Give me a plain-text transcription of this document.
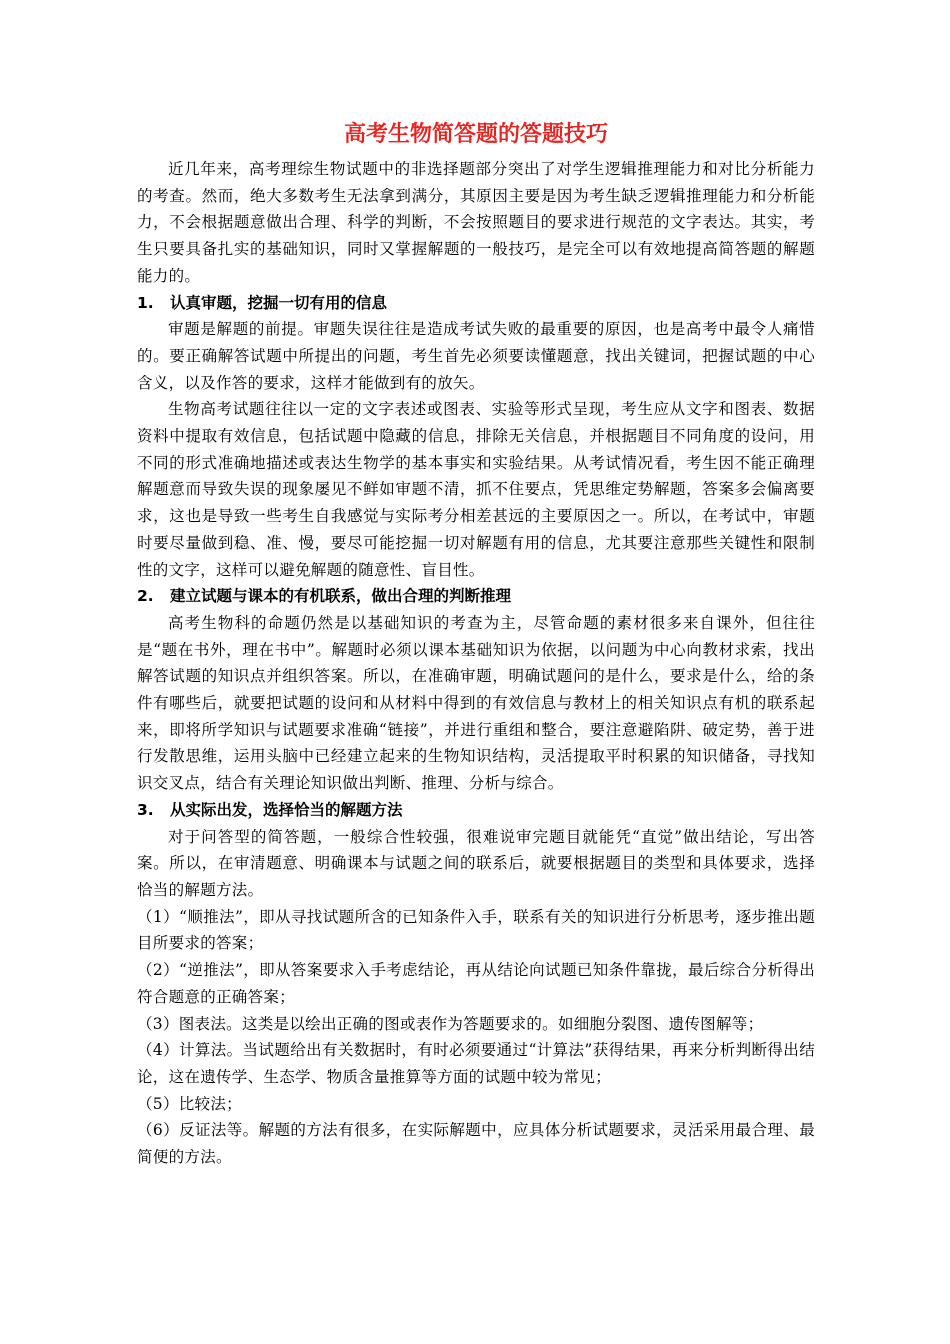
高考生物简答题的答题技巧

近几年来，高考理综生物试题中的非选择题部分突出了对学生逻辑推理能力和对比分析能力的考查。然而，绝大多数考生无法拿到满分，其原因主要是因为考生缺乏逻辑推理能力和分析能力，不会根据题意做出合理、科学的判断，不会按照题目的要求进行规范的文字表达。其实，考生只要具备扎实的基础知识，同时又掌握解题的一般技巧，是完全可以有效地提高简答题的解题能力的。

1. 认真审题，挖掘一切有用的信息

审题是解题的前提。审题失误往往是造成考试失败的最重要的原因，也是高考中最令人痛惜的。要正确解答试题中所提出的问题，考生首先必须要读懂题意，找出关键词，把握试题的中心含义，以及作答的要求，这样才能做到有的放矢。

生物高考试题往往以一定的文字表述或图表、实验等形式呈现，考生应从文字和图表、数据资料中提取有效信息，包括试题中隐藏的信息，排除无关信息，并根据题目不同角度的设问，用不同的形式准确地描述或表达生物学的基本事实和实验结果。从考试情况看，考生因不能正确理解题意而导致失误的现象屡见不鲜如审题不清，抓不住要点，凭思维定势解题，答案多会偏离要求，这也是导致一些考生自我感觉与实际考分相差甚远的主要原因之一。所以，在考试中，审题时要尽量做到稳、准、慢，要尽可能挖掘一切对解题有用的信息，尤其要注意那些关键性和限制性的文字，这样可以避免解题的随意性、盲目性。

2. 建立试题与课本的有机联系，做出合理的判断推理

高考生物科的命题仍然是以基础知识的考查为主，尽管命题的素材很多来自课外，但往往是“题在书外，理在书中”。解题时必须以课本基础知识为依据，以问题为中心向教材求索，找出解答试题的知识点并组织答案。所以，在准确审题，明确试题问的是什么，要求是什么，给的条件有哪些后，就要把试题的设问和从材料中得到的有效信息与教材上的相关知识点有机的联系起来，即将所学知识与试题要求准确“链接”，并进行重组和整合，要注意避陷阱、破定势，善于进行发散思维，运用头脑中已经建立起来的生物知识结构，灵活提取平时积累的知识储备，寻找知识交叉点，结合有关理论知识做出判断、推理、分析与综合。

3. 从实际出发，选择恰当的解题方法

对于问答型的简答题，一般综合性较强，很难说审完题目就能凭“直觉”做出结论，写出答案。所以，在审清题意、明确课本与试题之间的联系后，就要根据题目的类型和具体要求，选择恰当的解题方法。

（1）“顺推法”，即从寻找试题所含的已知条件入手，联系有关的知识进行分析思考，逐步推出题目所要求的答案；

（2）“逆推法”，即从答案要求入手考虑结论，再从结论向试题已知条件靠拢，最后综合分析得出符合题意的正确答案；

（3）图表法。这类是以绘出正确的图或表作为答题要求的。如细胞分裂图、遗传图解等；

（4）计算法。当试题给出有关数据时，有时必须要通过“计算法”获得结果，再来分析判断得出结论，这在遗传学、生态学、物质含量推算等方面的试题中较为常见；

（5）比较法；

（6）反证法等。解题的方法有很多，在实际解题中，应具体分析试题要求，灵活采用最合理、最简便的方法。
